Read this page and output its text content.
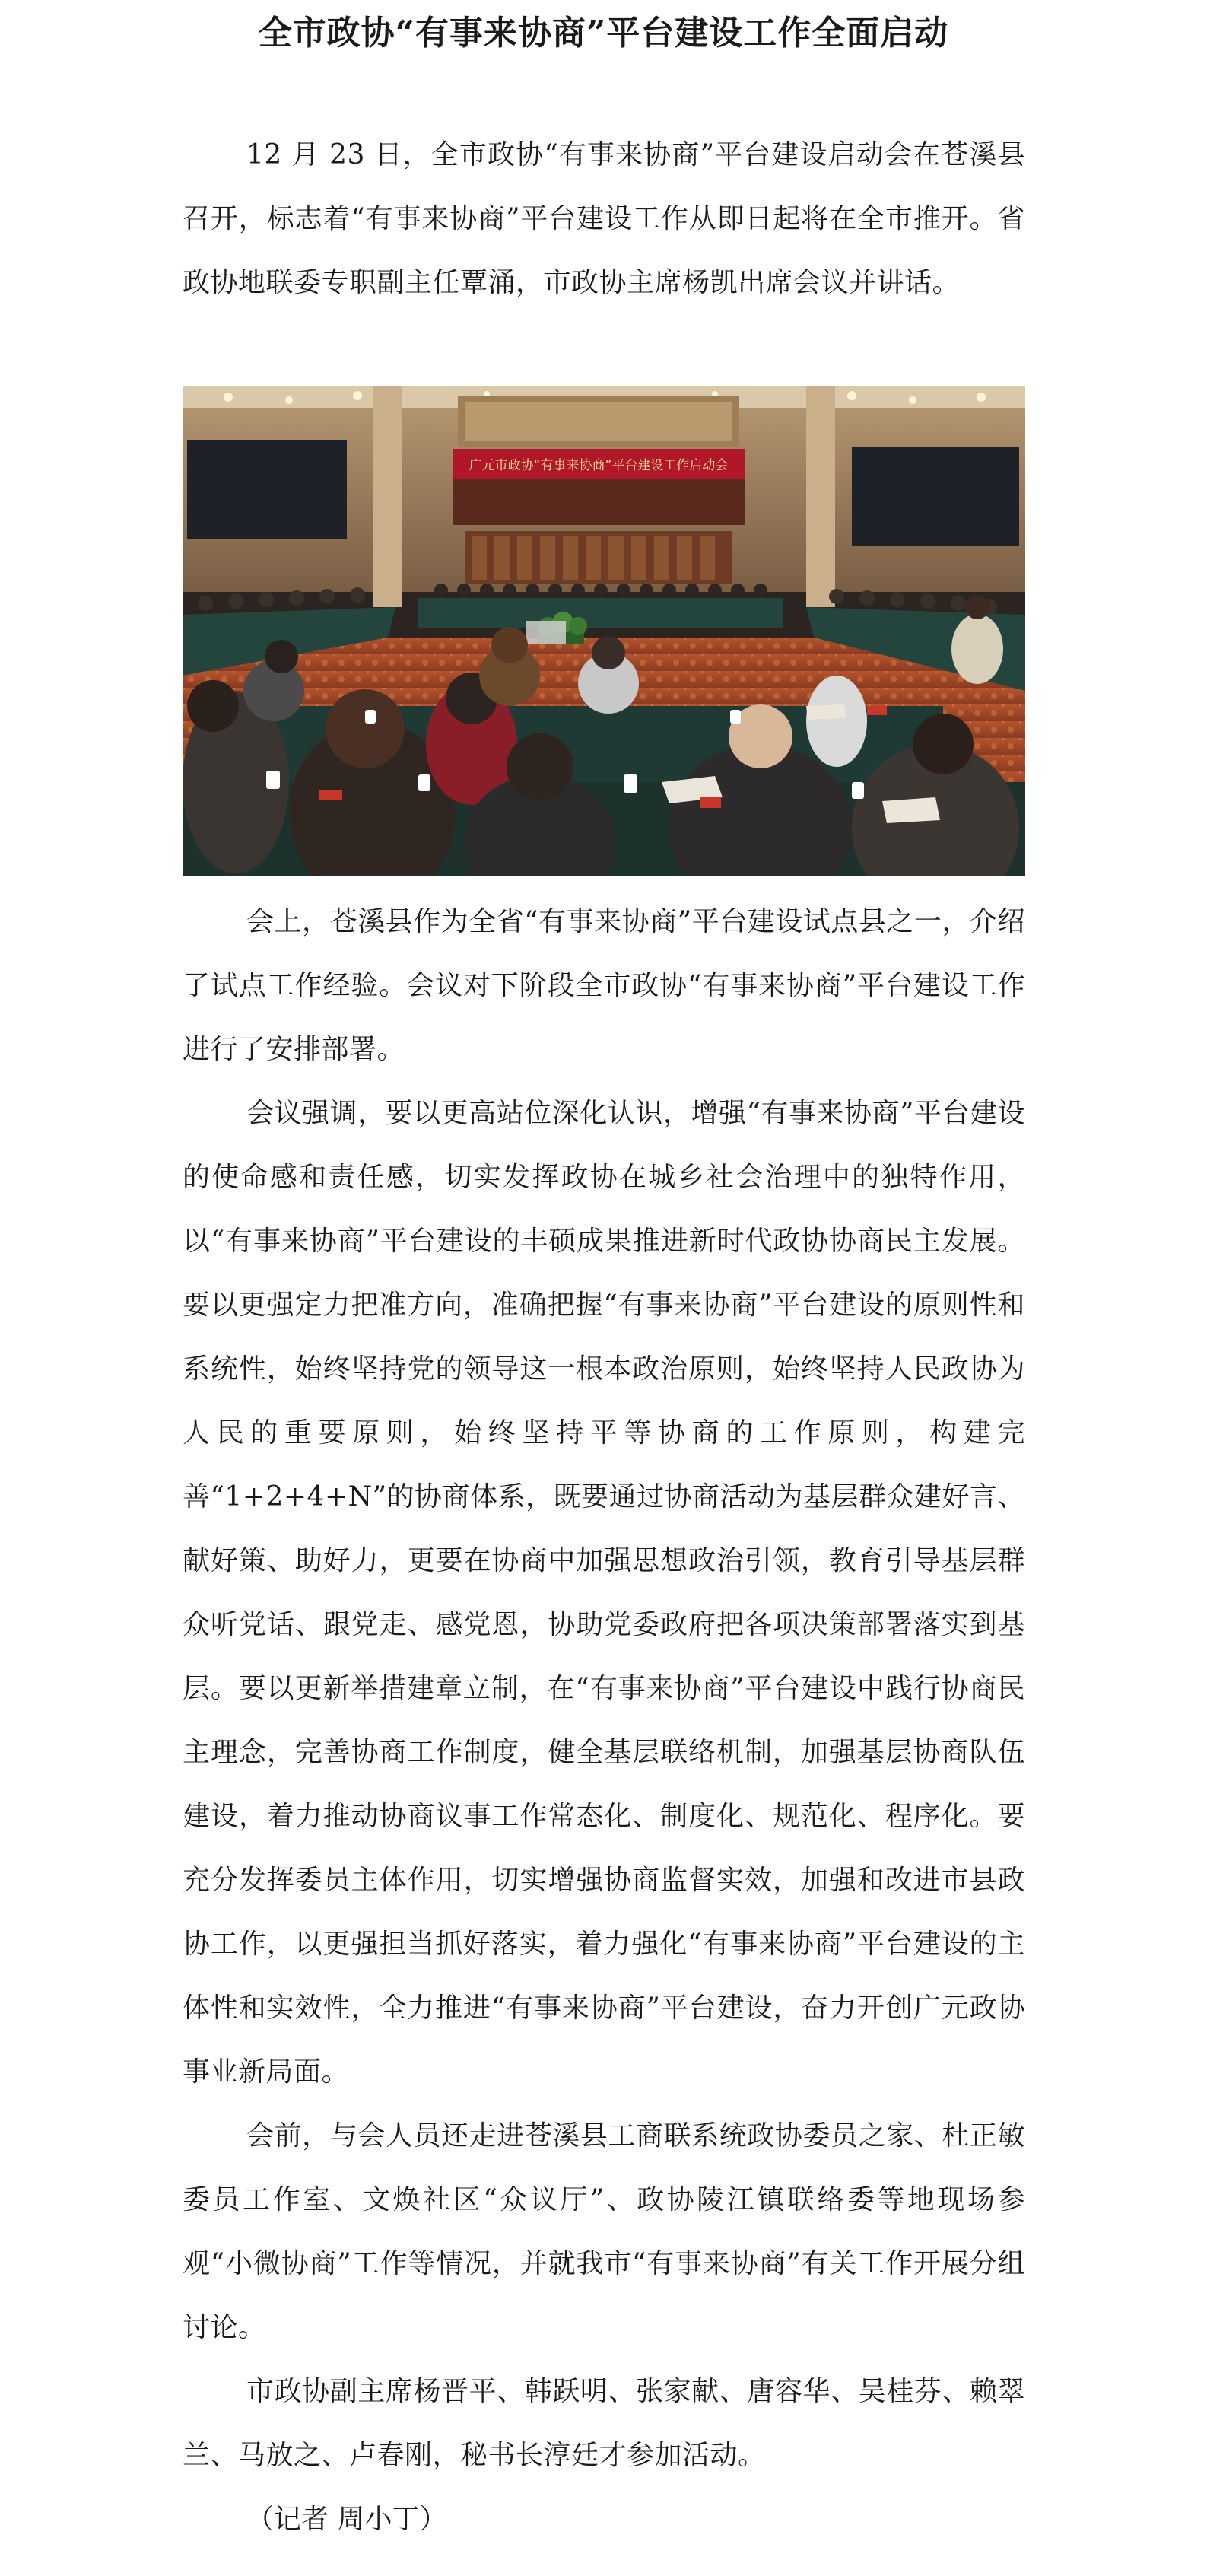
全市政协“有事来协商”平台建设工作全面启动

12 月 23 日，全市政协“有事来协商”平台建设启动会在苍溪县召开，标志着“有事来协商”平台建设工作从即日起将在全市推开。省政协地联委专职副主任覃涌，市政协主席杨凯出席会议并讲话。

广元市政协“有事来协商”平台建设工作启动会

会上，苍溪县作为全省“有事来协商”平台建设试点县之一，介绍了试点工作经验。会议对下阶段全市政协“有事来协商”平台建设工作进行了安排部署。

会议强调，要以更高站位深化认识，增强“有事来协商”平台建设的使命感和责任感，切实发挥政协在城乡社会治理中的独特作用，以“有事来协商”平台建设的丰硕成果推进新时代政协协商民主发展。要以更强定力把准方向，准确把握“有事来协商”平台建设的原则性和系统性，始终坚持党的领导这一根本政治原则，始终坚持人民政协为人民的重要原则，始终坚持平等协商的工作原则，构建完善“1+2+4+N”的协商体系，既要通过协商活动为基层群众建好言、献好策、助好力，更要在协商中加强思想政治引领，教育引导基层群众听党话、跟党走、感党恩，协助党委政府把各项决策部署落实到基层。要以更新举措建章立制，在“有事来协商”平台建设中践行协商民主理念，完善协商工作制度，健全基层联络机制，加强基层协商队伍建设，着力推动协商议事工作常态化、制度化、规范化、程序化。要充分发挥委员主体作用，切实增强协商监督实效，加强和改进市县政协工作，以更强担当抓好落实，着力强化“有事来协商”平台建设的主体性和实效性，全力推进“有事来协商”平台建设，奋力开创广元政协事业新局面。

会前，与会人员还走进苍溪县工商联系统政协委员之家、杜正敏委员工作室、文焕社区“众议厅”、政协陵江镇联络委等地现场参观“小微协商”工作等情况，并就我市“有事来协商”有关工作开展分组讨论。

市政协副主席杨晋平、韩跃明、张家献、唐容华、吴桂芬、赖翠兰、马放之、卢春刚，秘书长淳廷才参加活动。

（记者 周小丁）
